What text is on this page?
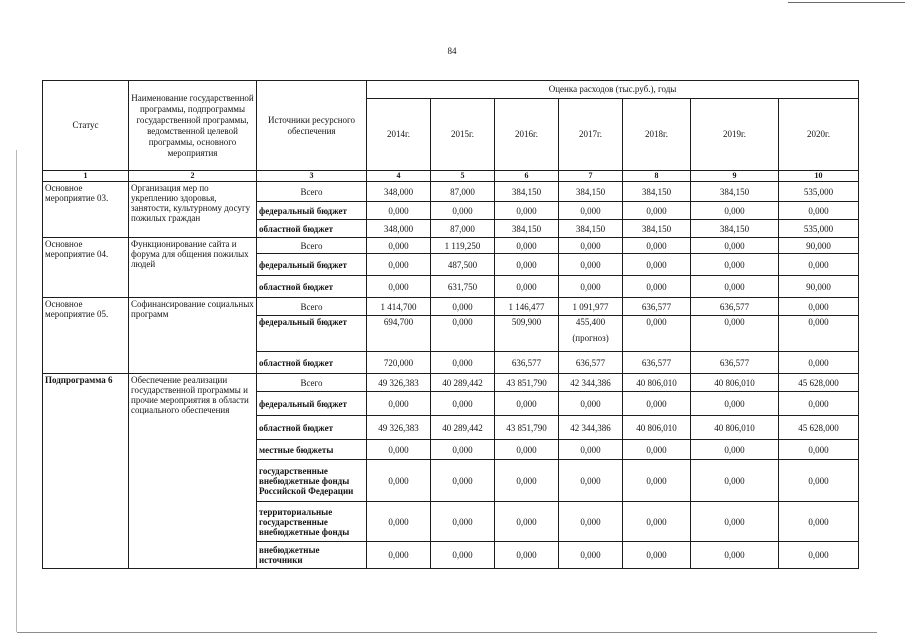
84
Статус	Наименование государственной программы, подпрограммы государственной программы, ведомственной целевой программы, основного мероприятия	Источники ресурсного обеспечения	Оценка расходов (тыс.руб.), годы						
			2014г.	2015г.	2016г.	2017г.	2018г.	2019г.	2020г.
1	2	3	4	5	6	7	8	9	10
Основное мероприятие 03.	Организация мер по укреплению здоровья, занятости, культурному досугу пожилых граждан	Всего	348,000	87,000	384,150	384,150	384,150	384,150	535,000

		федеральный бюджет	0,000	0,000	0,000	0,000	0,000	0,000	0,000

		областной бюджет	348,000	87,000	384,150	384,150	384,150	384,150	535,000

Основное мероприятие 04.	Функционирование сайта и форума для общения пожилых людей	Всего	0,000	1 119,250	0,000	0,000	0,000	0,000	90,000

		федеральный бюджет	0,000	487,500	0,000	0,000	0,000	0,000	0,000

		областной бюджет	0,000	631,750	0,000	0,000	0,000	0,000	90,000

Основное мероприятие 05.	Софинансирование социальных программ	Всего	1 414,700	0,000	1 146,477	1 091,977	636,577	636,577	0,000

		федеральный бюджет	694,700	0,000	509,900	455,400
(прогноз)	0,000	0,000	0,000

		областной бюджет	720,000	0,000	636,577	636,577	636,577	636,577	0,000

Подпрограмма 6	Обеспечение реализации государственной программы и прочие мероприятия в области социального обеспечения	Всего	49 326,383	40 289,442	43 851,790	42 344,386	40 806,010	40 806,010	45 628,000

		федеральный бюджет	0,000	0,000	0,000	0,000	0,000	0,000	0,000

		областной бюджет	49 326,383	40 289,442	43 851,790	42 344,386	40 806,010	40 806,010	45 628,000

		местные бюджеты	0,000	0,000	0,000	0,000	0,000	0,000	0,000

		государственные внебюджетные фонды Российской Федерации	0,000	0,000	0,000	0,000	0,000	0,000	0,000

		территориальные государственные внебюджетные фонды	0,000	0,000	0,000	0,000	0,000	0,000	0,000

		внебюджетные источники	0,000	0,000	0,000	0,000	0,000	0,000	0,000
